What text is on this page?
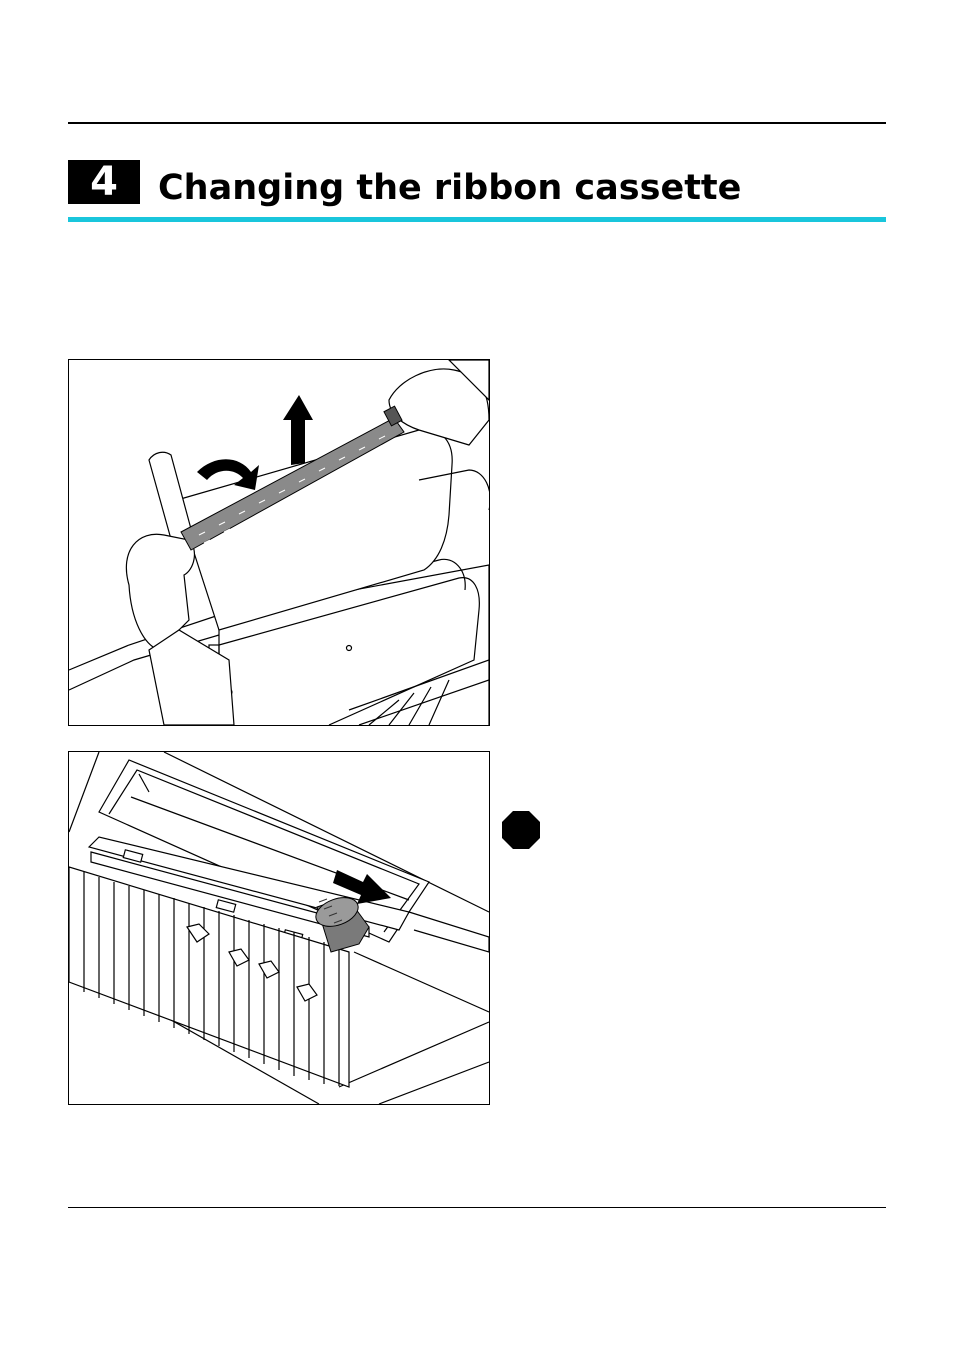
4	Changing the ribbon cassette
